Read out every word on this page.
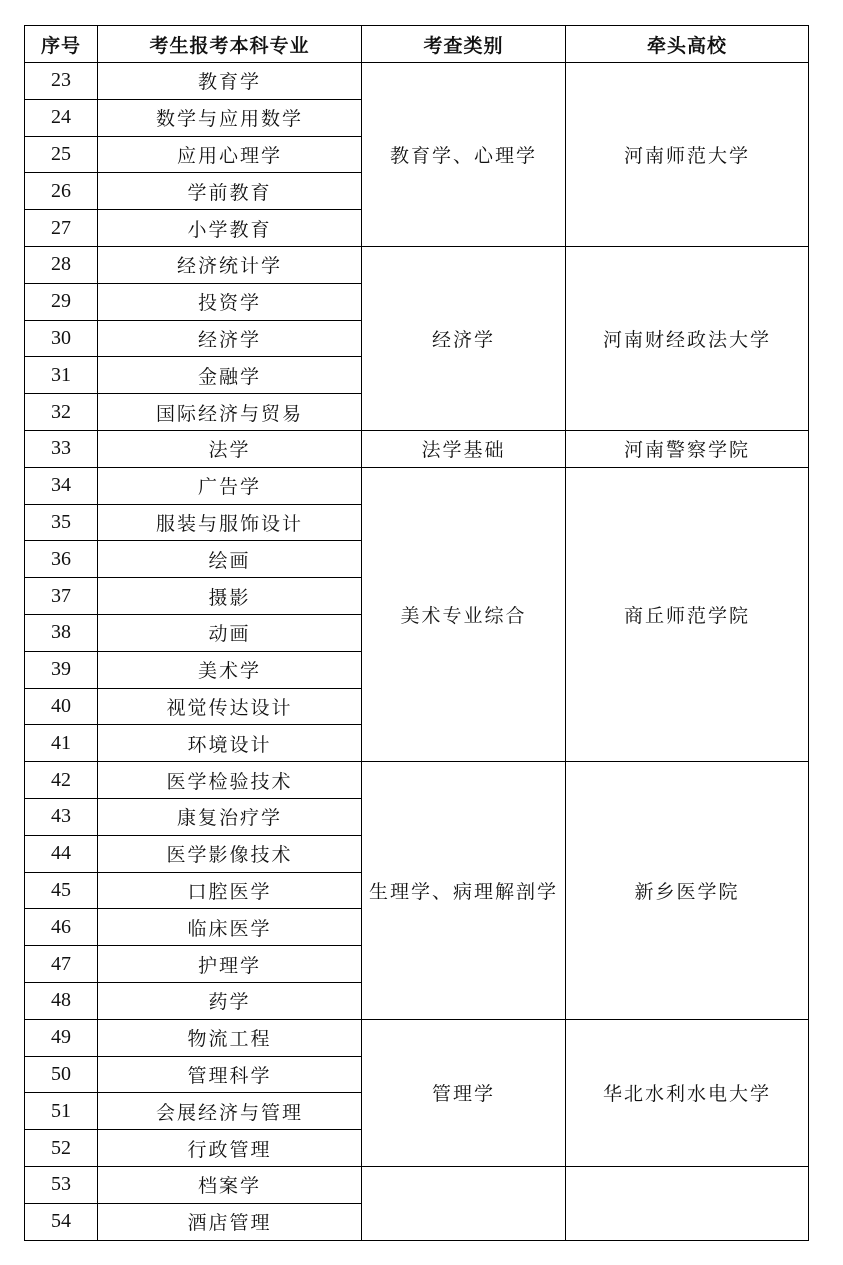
序号	考生报考本科专业	考查类别	牵头高校
23	教育学	教育学、心理学	河南师范大学
24	数学与应用数学		
25	应用心理学		
26	学前教育		
27	小学教育		
28	经济统计学	经济学	河南财经政法大学
29	投资学		
30	经济学		
31	金融学		
32	国际经济与贸易		
33	法学	法学基础	河南警察学院
34	广告学	美术专业综合	商丘师范学院
35	服装与服饰设计		
36	绘画		
37	摄影		
38	动画		
39	美术学		
40	视觉传达设计		
41	环境设计		
42	医学检验技术	生理学、病理解剖学	新乡医学院
43	康复治疗学		
44	医学影像技术		
45	口腔医学		
46	临床医学		
47	护理学		
48	药学		
49	物流工程	管理学	华北水利水电大学
50	管理科学		
51	会展经济与管理		
52	行政管理		
53	档案学		
54	酒店管理		
